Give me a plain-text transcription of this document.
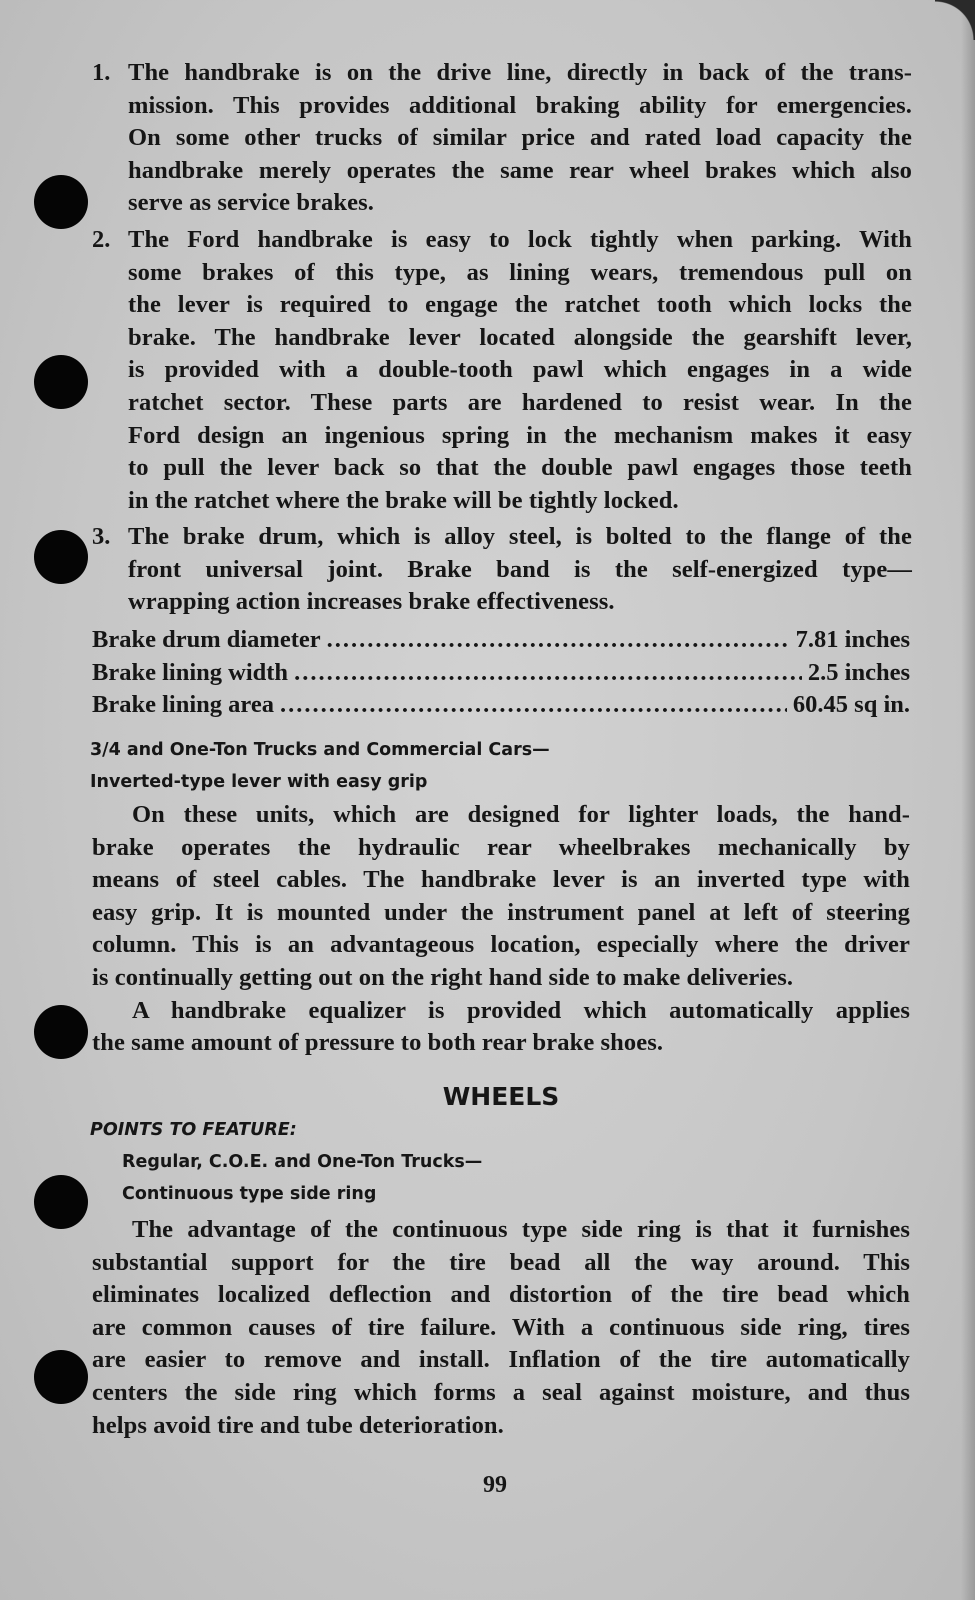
1. The handbrake is on the drive line, directly in back of the trans-
mission. This provides additional braking ability for emergencies.
On some other trucks of similar price and rated load capacity the
handbrake merely operates the same rear wheel brakes which also
serve as service brakes.
2. The Ford handbrake is easy to lock tightly when parking. With
some brakes of this type, as lining wears, tremendous pull on
the lever is required to engage the ratchet tooth which locks the
brake. The handbrake lever located alongside the gearshift lever,
is provided with a double-tooth pawl which engages in a wide
ratchet sector. These parts are hardened to resist wear. In the
Ford design an ingenious spring in the mechanism makes it easy
to pull the lever back so that the double pawl engages those teeth
in the ratchet where the brake will be tightly locked.
3. The brake drum, which is alloy steel, is bolted to the flange of the
front universal joint. Brake band is the self-energized type—
wrapping action increases brake effectiveness.
Brake drum diameter .....	7.81 inches
Brake lining width .....	2.5 inches
Brake lining area .....	60.45 sq in.
3/4 and One-Ton Trucks and Commercial Cars—
Inverted-type lever with easy grip
On these units, which are designed for lighter loads, the hand-
brake operates the hydraulic rear wheelbrakes mechanically by
means of steel cables. The handbrake lever is an inverted type with
easy grip. It is mounted under the instrument panel at left of steering
column. This is an advantageous location, especially where the driver
is continually getting out on the right hand side to make deliveries.
A handbrake equalizer is provided which automatically applies
the same amount of pressure to both rear brake shoes.
WHEELS
POINTS TO FEATURE:
Regular, C.O.E. and One-Ton Trucks—
Continuous type side ring
The advantage of the continuous type side ring is that it furnishes
substantial support for the tire bead all the way around. This
eliminates localized deflection and distortion of the tire bead which
are common causes of tire failure. With a continuous side ring, tires
are easier to remove and install. Inflation of the tire automatically
centers the side ring which forms a seal against moisture, and thus
helps avoid tire and tube deterioration.
99
